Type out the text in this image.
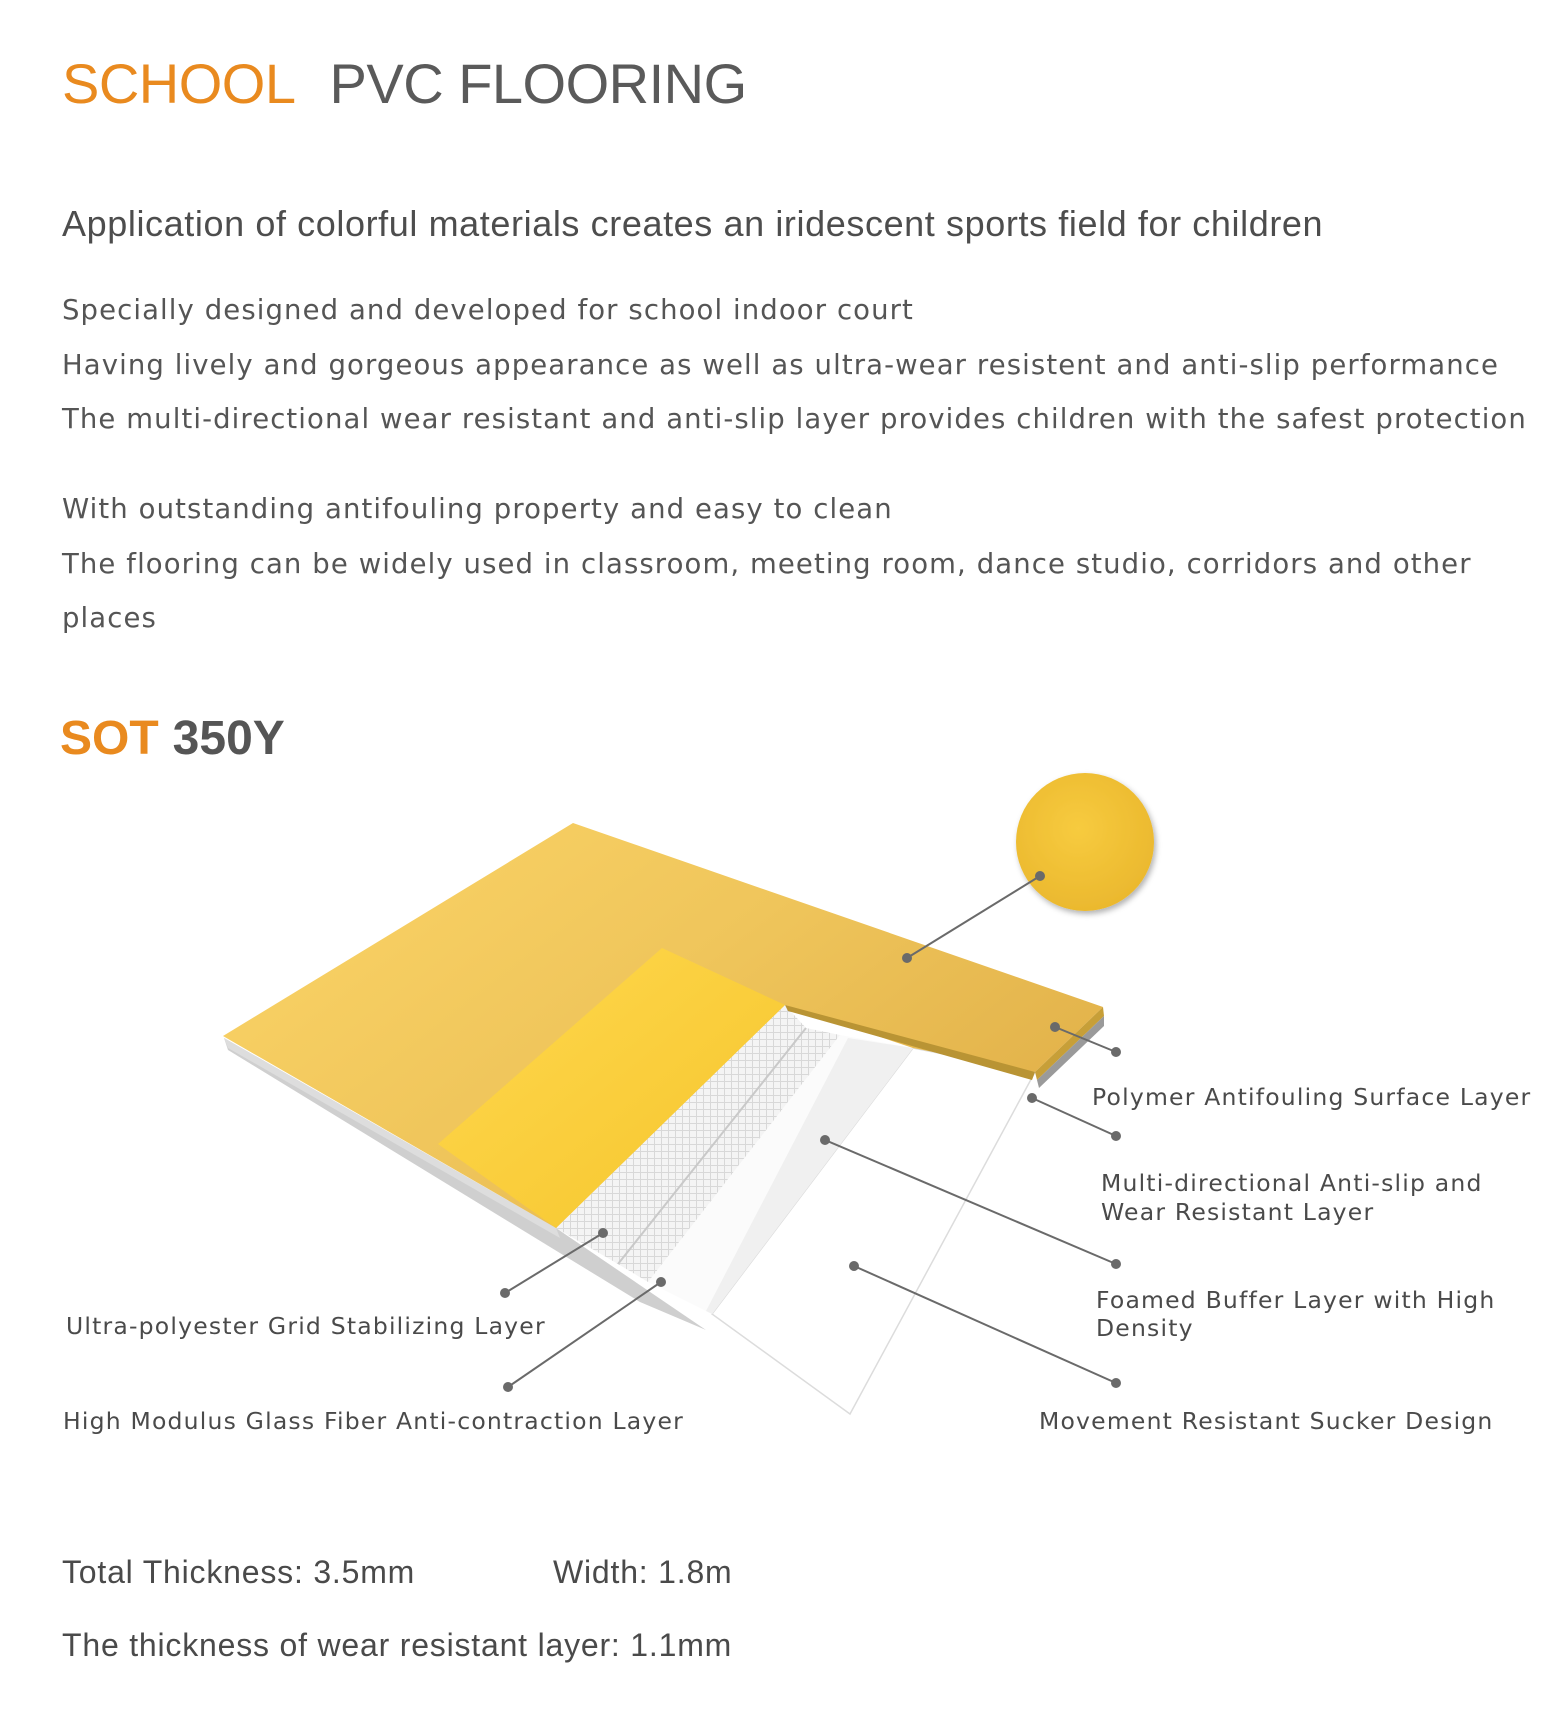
SCHOOL PVC FLOORING

Application of colorful materials creates an iridescent sports field for children

Specially designed and developed for school indoor court

Having lively and gorgeous appearance as well as ultra-wear resistent and anti-slip performance

The multi-directional wear resistant and anti-slip layer provides children with the safest protection

With outstanding antifouling property and easy to clean

The flooring can be widely used in classroom, meeting room, dance studio, corridors and other

places

SOT 350Y
Polymer Antifouling Surface Layer
Multi-directional Anti-slip and
Wear Resistant Layer
Foamed Buffer Layer with High
Density
Movement Resistant Sucker Design
Ultra-polyester Grid Stabilizing Layer
High Modulus Glass Fiber Anti-contraction Layer

Total Thickness: 3.5mm	Width: 1.8m

The thickness of wear resistant layer: 1.1mm
